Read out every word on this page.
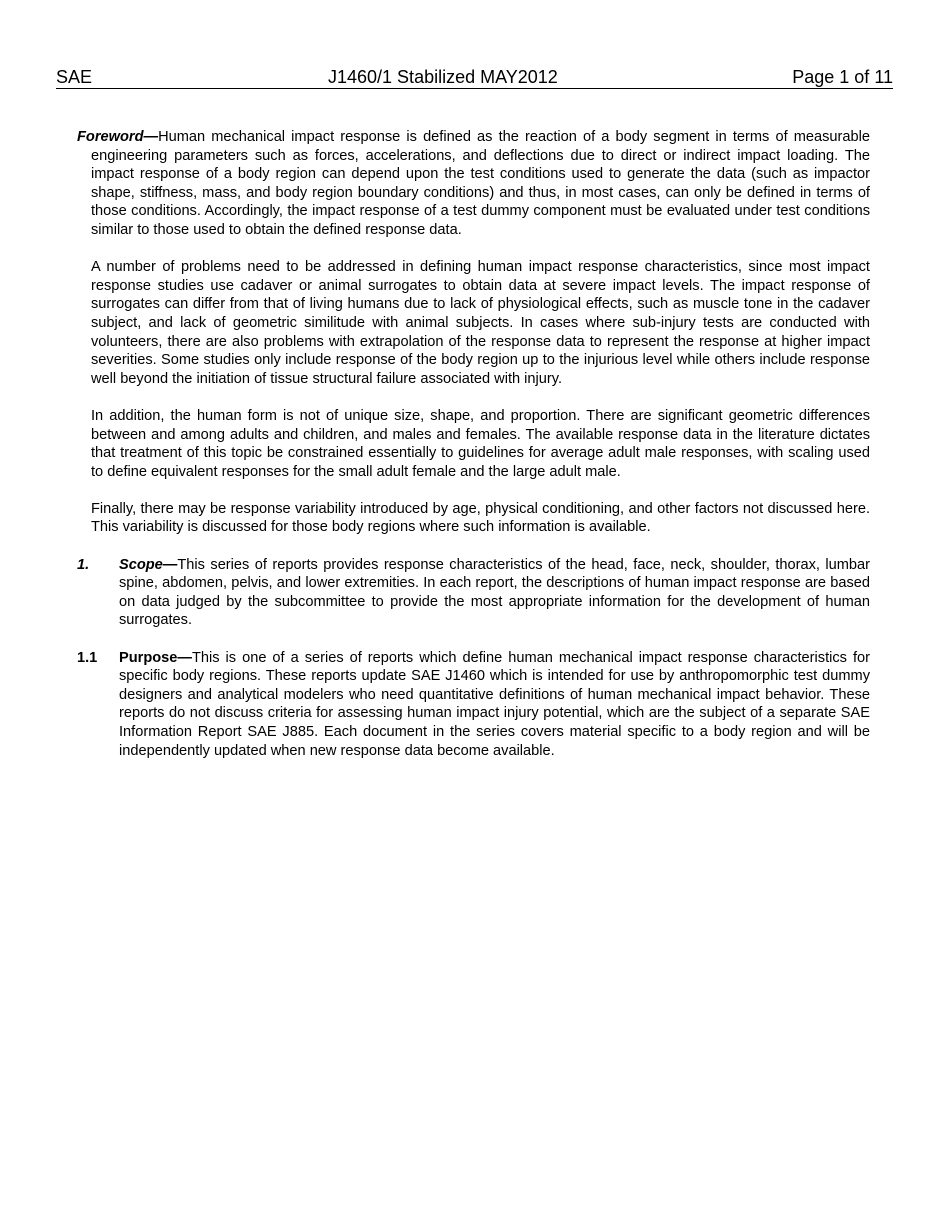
SAE	J1460/1 Stabilized MAY2012	Page 1 of 11

Foreword—Human mechanical impact response is defined as the reaction of a body segment in terms of measurable engineering parameters such as forces, accelerations, and deflections due to direct or indirect impact loading. The impact response of a body region can depend upon the test conditions used to generate the data (such as impactor shape, stiffness, mass, and body region boundary conditions) and thus, in most cases, can only be defined in terms of those conditions. Accordingly, the impact response of a test dummy component must be evaluated under test conditions similar to those used to obtain the defined response data.

A number of problems need to be addressed in defining human impact response characteristics, since most impact response studies use cadaver or animal surrogates to obtain data at severe impact levels. The impact response of surrogates can differ from that of living humans due to lack of physiological effects, such as muscle tone in the cadaver subject, and lack of geometric similitude with animal subjects. In cases where sub-injury tests are conducted with volunteers, there are also problems with extrapolation of the response data to represent the response at higher impact severities. Some studies only include response of the body region up to the injurious level while others include response well beyond the initiation of tissue structural failure associated with injury.

In addition, the human form is not of unique size, shape, and proportion. There are significant geometric differences between and among adults and children, and males and females. The available response data in the literature dictates that treatment of this topic be constrained essentially to guidelines for average adult male responses, with scaling used to define equivalent responses for the small adult female and the large adult male.

Finally, there may be response variability introduced by age, physical conditioning, and other factors not discussed here. This variability is discussed for those body regions where such information is available.

1. Scope—This series of reports provides response characteristics of the head, face, neck, shoulder, thorax, lumbar spine, abdomen, pelvis, and lower extremities. In each report, the descriptions of human impact response are based on data judged by the subcommittee to provide the most appropriate information for the development of human surrogates.
1.1 Purpose—This is one of a series of reports which define human mechanical impact response characteristics for specific body regions. These reports update SAE J1460 which is intended for use by anthropomorphic test dummy designers and analytical modelers who need quantitative definitions of human mechanical impact behavior. These reports do not discuss criteria for assessing human impact injury potential, which are the subject of a separate SAE Information Report SAE J885. Each document in the series covers material specific to a body region and will be independently updated when new response data become available.
